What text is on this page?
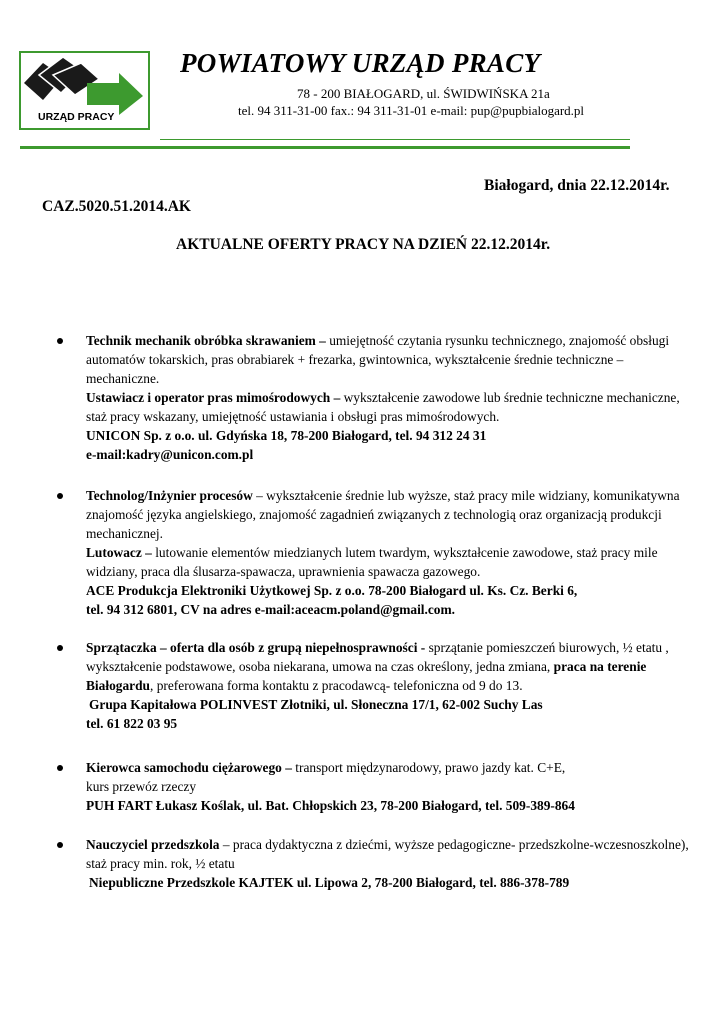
URZĄD PRACY
POWIATOWY URZĄD PRACY
78 - 200 BIAŁOGARD, ul. ŚWIDWIŃSKA 21a
tel. 94 311-31-00 fax.: 94 311-31-01 e-mail: pup@pupbialogard.pl
Białogard, dnia 22.12.2014r.
CAZ.5020.51.2014.AK
AKTUALNE OFERTY PRACY NA DZIEŃ 22.12.2014r.

Technik mechanik obróbka skrawaniem – umiejętność czytania rysunku technicznego, znajomość obsługi automatów tokarskich, pras obrabiarek + frezarka, gwintownica, wykształcenie średnie techniczne – mechaniczne.

Ustawiacz i operator pras mimośrodowych – wykształcenie zawodowe lub średnie techniczne mechaniczne, staż pracy wskazany, umiejętność ustawiania i obsługi pras mimośrodowych.

UNICON Sp. z o.o. ul. Gdyńska 18, 78-200 Białogard, tel. 94 312 24 31

e-mail:kadry@unicon.com.pl

Technolog/Inżynier procesów – wykształcenie średnie lub wyższe, staż pracy mile widziany, komunikatywna znajomość języka angielskiego, znajomość zagadnień związanych z technologią oraz organizacją produkcji mechanicznej.

Lutowacz – lutowanie elementów miedzianych lutem twardym, wykształcenie zawodowe, staż pracy mile widziany, praca dla ślusarza-spawacza, uprawnienia spawacza gazowego.

ACE Produkcja Elektroniki Użytkowej Sp. z o.o. 78-200 Białogard ul. Ks. Cz. Berki 6,

tel. 94 312 6801, CV na adres e-mail:aceacm.poland@gmail.com.

Sprzątaczka – oferta dla osób z grupą niepełnosprawności - sprzątanie pomieszczeń biurowych, ½ etatu , wykształcenie podstawowe, osoba niekarana, umowa na czas określony, jedna zmiana, praca na terenie Białogardu, preferowana forma kontaktu z pracodawcą- telefoniczna od 9 do 13.

Grupa Kapitałowa POLINVEST Złotniki, ul. Słoneczna 17/1, 62-002 Suchy Las

tel. 61 822 03 95

Kierowca samochodu ciężarowego – transport międzynarodowy, prawo jazdy kat. C+E,

kurs przewóz rzeczy

PUH FART Łukasz Koślak, ul. Bat. Chłopskich 23, 78-200 Białogard, tel. 509-389-864

Nauczyciel przedszkola – praca dydaktyczna z dziećmi, wyższe pedagogiczne- przedszkolne-wczesnoszkolne), staż pracy min. rok, ½ etatu

Niepubliczne Przedszkole KAJTEK ul. Lipowa 2, 78-200 Białogard, tel. 886-378-789
